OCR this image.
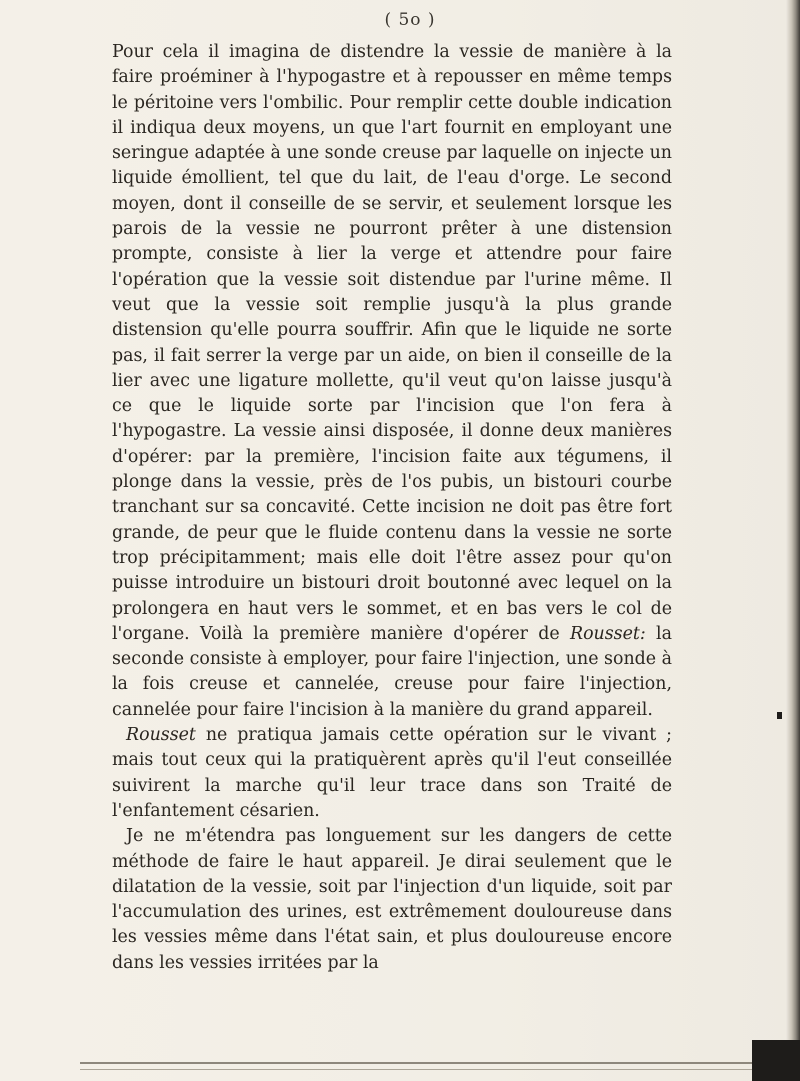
( 5o )

Pour cela il imagina de distendre la vessie de manière à la faire proéminer à l'hypogastre et à repousser en même temps le péritoine vers l'ombilic. Pour remplir cette double indication il indiqua deux moyens, un que l'art fournit en employant une seringue adaptée à une sonde creuse par laquelle on injecte un liquide émollient, tel que du lait, de l'eau d'orge. Le second moyen, dont il conseille de se servir, et seulement lorsque les parois de la vessie ne pourront prêter à une distension prompte, consiste à lier la verge et attendre pour faire l'opération que la vessie soit distendue par l'urine même. Il veut que la vessie soit remplie jusqu'à la plus grande distension qu'elle pourra souffrir. Afin que le liquide ne sorte pas, il fait serrer la verge par un aide, on bien il conseille de la lier avec une ligature mollette, qu'il veut qu'on laisse jusqu'à ce que le liquide sorte par l'incision que l'on fera à l'hypogastre. La vessie ainsi disposée, il donne deux manières d'opérer: par la première, l'incision faite aux tégumens, il plonge dans la vessie, près de l'os pubis, un bistouri courbe tranchant sur sa concavité. Cette incision ne doit pas être fort grande, de peur que le fluide contenu dans la vessie ne sorte trop précipitamment; mais elle doit l'être assez pour qu'on puisse introduire un bistouri droit boutonné avec lequel on la prolongera en haut vers le sommet, et en bas vers le col de l'organe. Voilà la première manière d'opérer de Rousset: la seconde consiste à employer, pour faire l'injection, une sonde à la fois creuse et cannelée, creuse pour faire l'injection, cannelée pour faire l'incision à la manière du grand appareil.

Rousset ne pratiqua jamais cette opération sur le vivant ; mais tout ceux qui la pratiquèrent après qu'il l'eut conseillée suivirent la marche qu'il leur trace dans son Traité de l'enfantement césarien.

Je ne m'étendra pas longuement sur les dangers de cette méthode de faire le haut appareil. Je dirai seulement que le dilatation de la vessie, soit par l'injection d'un liquide, soit par l'accumulation des urines, est extrêmement douloureuse dans les vessies même dans l'état sain, et plus douloureuse encore dans les vessies irritées par la
